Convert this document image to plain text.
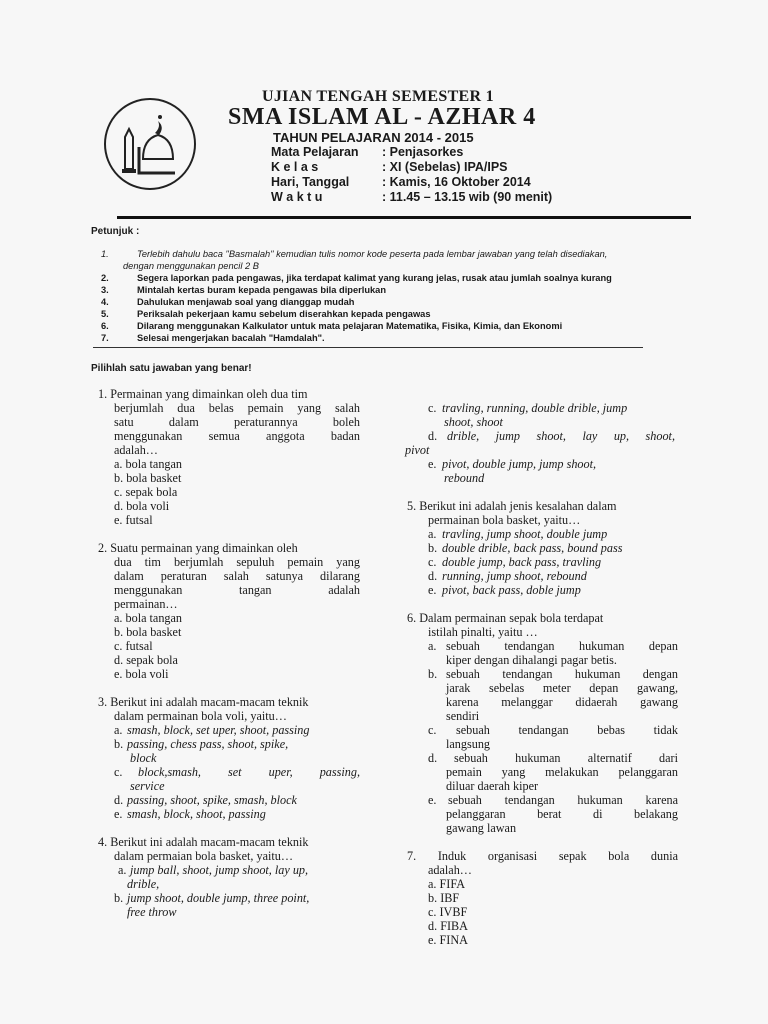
UJIAN TENGAH SEMESTER 1
SMA ISLAM AL - AZHAR 4
TAHUN PELAJARAN 2014 - 2015
Mata Pelajaran : Penjasorkes
K e l a s	: XI (Sebelas) IPA/IPS
Hari, Tanggal	: Kamis, 16 Oktober 2014
W a k t u	: 11.45 – 13.15 wib (90 menit)
Petunjuk :
1.	Terlebih dahulu baca "Basmalah" kemudian tulis nomor kode peserta pada lembar jawaban yang telah disediakan,
dengan menggunakan pencil 2 B
2.	Segera laporkan pada pengawas, jika terdapat kalimat yang kurang jelas, rusak atau jumlah soalnya kurang
3.	Mintalah kertas buram kepada pengawas bila diperlukan
4.	Dahulukan menjawab soal yang dianggap mudah
5.	Periksalah pekerjaan kamu sebelum diserahkan kepada pengawas
6.	Dilarang menggunakan Kalkulator untuk mata pelajaran Matematika, Fisika, Kimia, dan Ekonomi
7.	Selesai mengerjakan bacalah "Hamdalah".
Pilihlah satu jawaban yang benar!
1. Permainan yang dimainkan oleh dua tim
berjumlah dua belas pemain yang salah
satu dalam peraturannya boleh
menggunakan semua anggota badan
adalah…
a. bola tangan
b. bola basket
c. sepak bola
d. bola voli
e. futsal
2. Suatu permainan yang dimainkan oleh
dua tim berjumlah sepuluh pemain yang
dalam peraturan salah satunya dilarang
menggunakan tangan adalah
permainan…
a. bola tangan
b. bola basket
c. futsal
d. sepak bola
e. bola voli
3. Berikut ini adalah macam-macam teknik
dalam permainan bola voli, yaitu…
a. smash, block, set uper, shoot, passing
b. passing, chess pass, shoot, spike,
block
c. block,smash, set uper, passing,
service
d. passing, shoot, spike, smash, block
e. smash, block, shoot, passing
4. Berikut ini adalah macam-macam teknik
dalam permaian bola basket, yaitu…
a. jump ball, shoot, jump shoot, lay up,
drible,
b. jump shoot, double jump, three point,
free throw
c. travling, running, double drible, jump
shoot, shoot
d. drible, jump shoot, lay up, shoot,
pivot
e. pivot, double jump, jump shoot,
rebound
5. Berikut ini adalah jenis kesalahan dalam
permainan bola basket, yaitu…
a. travling, jump shoot, double jump
b. double drible, back pass, bound pass
c. double jump, back pass, travling
d. running, jump shoot, rebound
e. pivot, back pass, doble jump
6. Dalam permainan sepak bola terdapat
istilah pinalti, yaitu …
a. sebuah tendangan hukuman depan
kiper dengan dihalangi pagar betis.
b. sebuah tendangan hukuman dengan
jarak sebelas meter depan gawang,
karena melanggar didaerah gawang
sendiri
c. sebuah tendangan bebas tidak
langsung
d. sebuah hukuman alternatif dari
pemain yang melakukan pelanggaran
diluar daerah kiper
e. sebuah tendangan hukuman karena
pelanggaran berat di belakang
gawang lawan
7. Induk organisasi sepak bola dunia
adalah…
a. FIFA
b. IBF
c. IVBF
d. FIBA
e. FINA
